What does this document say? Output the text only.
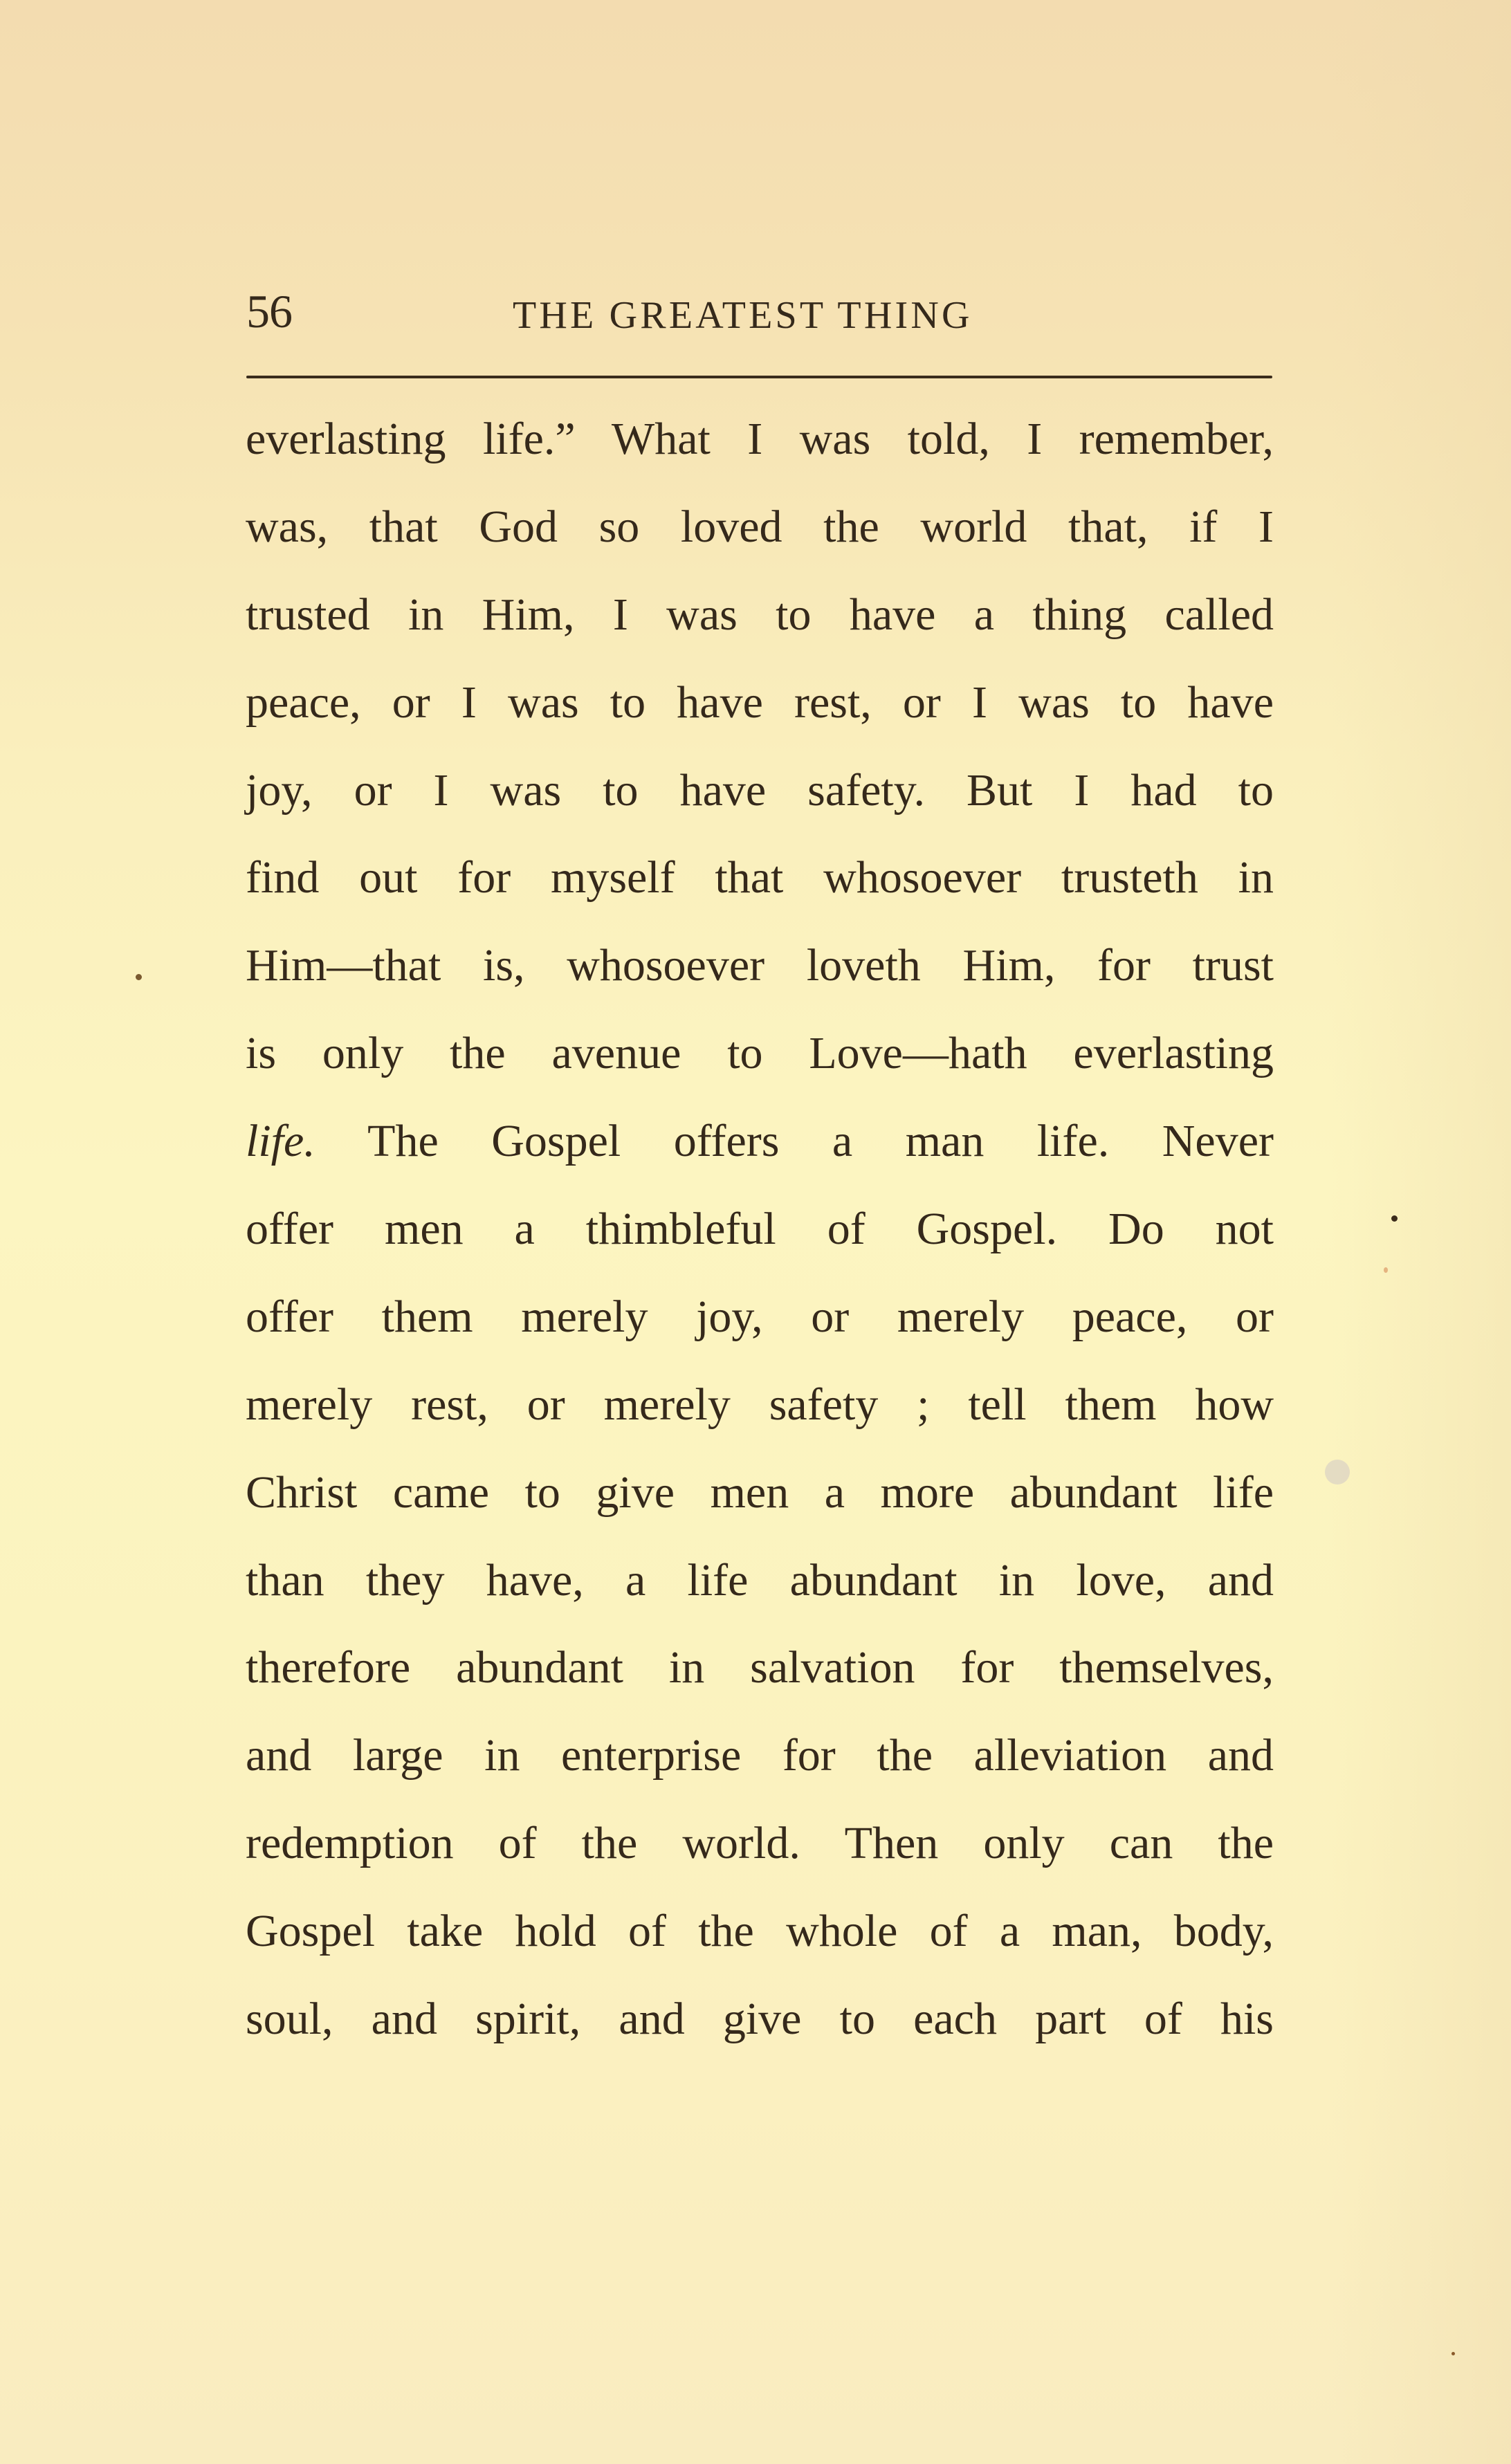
56	THE GREATEST THING
everlasting life.” What I was told, I remember,
was, that God so loved the world that, if I
trusted in Him, I was to have a thing called
peace, or I was to have rest, or I was to have
joy, or I was to have safety. But I had to
find out for myself that whosoever trusteth in
Him—that is, whosoever loveth Him, for trust
is only the avenue to Love—hath everlasting
life. The Gospel offers a man life. Never
offer men a thimbleful of Gospel. Do not
offer them merely joy, or merely peace, or
merely rest, or merely safety ; tell them how
Christ came to give men a more abundant life
than they have, a life abundant in love, and
therefore abundant in salvation for themselves,
and large in enterprise for the alleviation and
redemption of the world. Then only can the
Gospel take hold of the whole of a man, body,
soul, and spirit, and give to each part of his
